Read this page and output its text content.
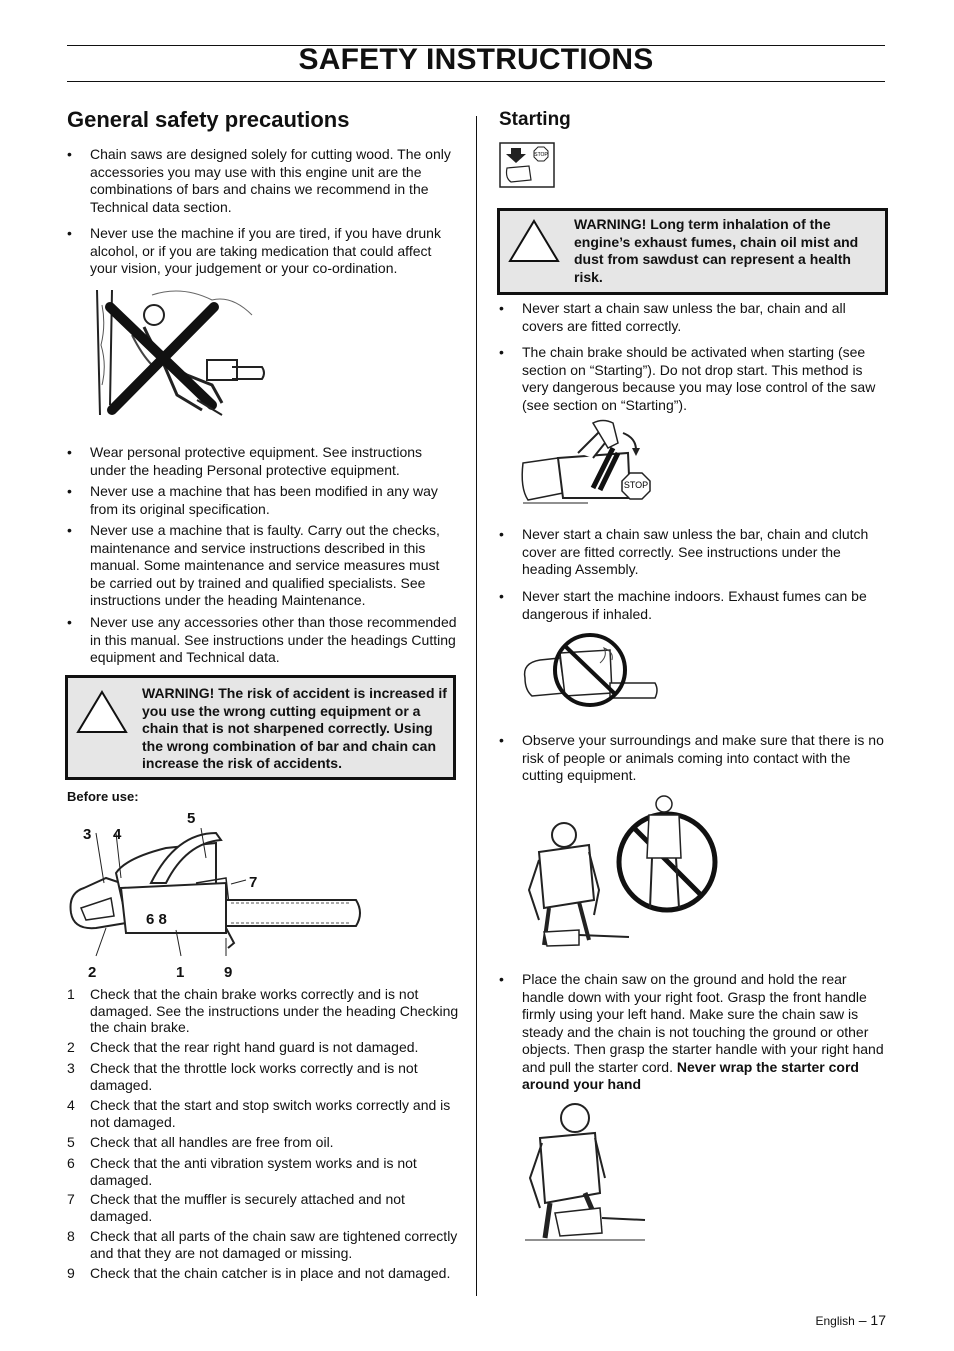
SAFETY INSTRUCTIONS
General safety precautions
• Chain saws are designed solely for cutting wood. The only accessories you may use with this engine unit are the combinations of bars and chains we recommend in the Technical data section.
• Never use the machine if you are tired, if you have drunk alcohol, or if you are taking medication that could affect your vision, your judgement or your co-ordination.
• Wear personal protective equipment. See instructions under the heading Personal protective equipment.
• Never use a machine that has been modified in any way from its original specification.
• Never use a machine that is faulty. Carry out the checks, maintenance and service instructions described in this manual. Some maintenance and service measures must be carried out by trained and qualified specialists. See instructions under the heading Maintenance.
• Never use any accessories other than those recommended in this manual. See instructions under the headings Cutting equipment and Technical data.
WARNING! The risk of accident is increased if you use the wrong cutting equipment or a chain that is not sharpened correctly. Using the wrong combination of bar and chain can increase the risk of accidents.
Before use:
3 4
5
7
6 8
2	1	9
1 Check that the chain brake works correctly and is not damaged. See the instructions under the heading Checking the chain brake.
2 Check that the rear right hand guard is not damaged.
3 Check that the throttle lock works correctly and is not damaged.
4 Check that the start and stop switch works correctly and is not damaged.
5 Check that all handles are free from oil.
6 Check that the anti vibration system works and is not damaged.
7 Check that the muffler is securely attached and not damaged.
8 Check that all parts of the chain saw are tightened correctly and that they are not damaged or missing.
9 Check that the chain catcher is in place and not damaged.
Starting
STOP
WARNING! Long term inhalation of the engine’s exhaust fumes, chain oil mist and dust from sawdust can represent a health risk.
• Never start a chain saw unless the bar, chain and all covers are fitted correctly.
• The chain brake should be activated when starting (see section on “Starting”). Do not drop start. This method is very dangerous because you may lose control of the saw (see section on “Starting”).
STOP
• Never start a chain saw unless the bar, chain and clutch cover are fitted correctly. See instructions under the heading Assembly.
• Never start the machine indoors. Exhaust fumes can be dangerous if inhaled.
• Observe your surroundings and make sure that there is no risk of people or animals coming into contact with the cutting equipment.
• Place the chain saw on the ground and hold the rear handle down with your right foot. Grasp the front handle firmly using your left hand. Make sure the chain saw is steady and the chain is not touching the ground or other objects. Then grasp the starter handle with your right hand and pull the starter cord. Never wrap the starter cord around your hand
English – 17
